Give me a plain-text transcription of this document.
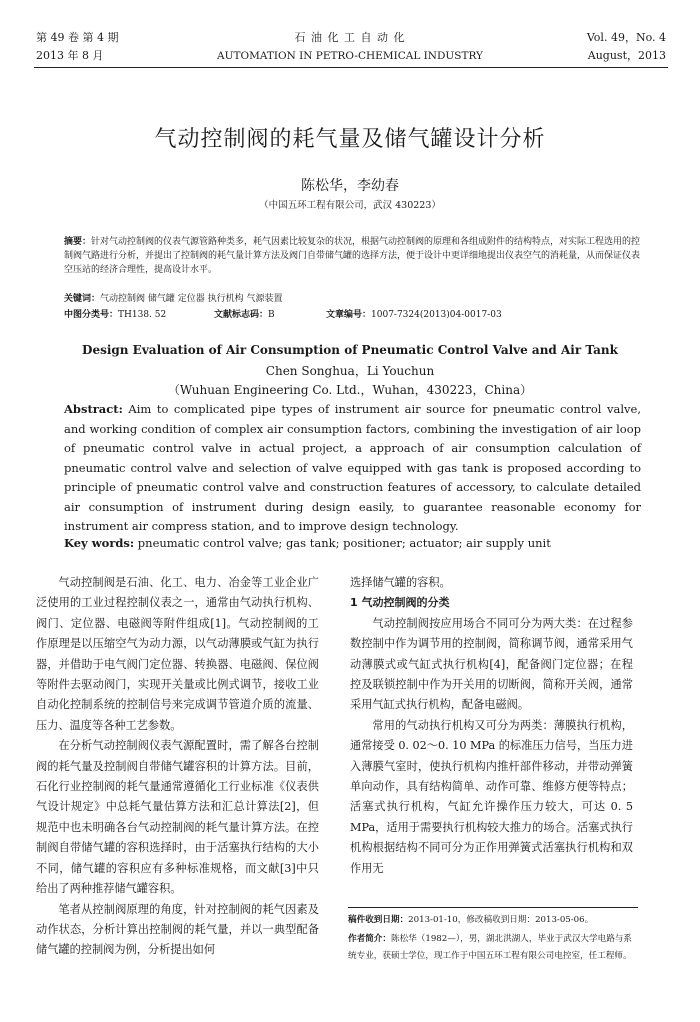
第 49 卷 第 4 期
2013 年 8 月
石 油 化 工 自 动 化
AUTOMATION IN PETRO-CHEMICAL INDUSTRY
Vol. 49，No. 4
August，2013
气动控制阀的耗气量及储气罐设计分析
陈松华，李幼春
（中国五环工程有限公司，武汉 430223）
摘要：针对气动控制阀的仪表气源管路种类多，耗气因素比较复杂的状况，根据气动控制阀的原理和各组成附件的结构特点，对实际工程选用的控制阀气路进行分析，并提出了控制阀的耗气量计算方法及阀门自带储气罐的选择方法，便于设计中更详细地提出仪表空气的消耗量，从而保证仪表空压站的经济合理性，提高设计水平。
关键词：气动控制阀 储气罐 定位器 执行机构 气源装置
中图分类号：TH138. 52	文献标志码：B	文章编号：1007-7324(2013)04-0017-03
Design Evaluation of Air Consumption of Pneumatic Control Valve and Air Tank
Chen Songhua，Li Youchun
（Wuhuan Engineering Co. Ltd.，Wuhan，430223，China）
Abstract: Aim to complicated pipe types of instrument air source for pneumatic control valve, and working condition of complex air consumption factors, combining the investigation of air loop of pneumatic control valve in actual project, a approach of air consumption calculation of pneumatic control valve and selection of valve equipped with gas tank is proposed according to principle of pneumatic control valve and construction features of accessory, to calculate detailed air consumption of instrument during design easily, to guarantee reasonable economy for instrument air compress station, and to improve design technology.
Key words: pneumatic control valve; gas tank; positioner; actuator; air supply unit

气动控制阀是石油、化工、电力、冶金等工业企业广泛使用的工业过程控制仪表之一，通常由气动执行机构、阀门、定位器、电磁阀等附件组成[1]。气动控制阀的工作原理是以压缩空气为动力源，以气动薄膜或气缸为执行器，并借助于电气阀门定位器、转换器、电磁阀、保位阀等附件去驱动阀门，实现开关量或比例式调节，接收工业自动化控制系统的控制信号来完成调节管道介质的流量、压力、温度等各种工艺参数。

在分析气动控制阀仪表气源配置时，需了解各台控制阀的耗气量及控制阀自带储气罐容积的计算方法。目前，石化行业控制阀的耗气量通常遵循化工行业标准《仪表供气设计规定》中总耗气量估算方法和汇总计算法[2]，但规范中也未明确各台气动控制阀的耗气量计算方法。在控制阀自带储气罐的容积选择时，由于活塞执行结构的大小不同，储气罐的容积应有多种标准规格，而文献[3]中只给出了两种推荐储气罐容积。

笔者从控制阀原理的角度，针对控制阀的耗气因素及动作状态，分析计算出控制阀的耗气量，并以一典型配备储气罐的控制阀为例，分析提出如何

选择储气罐的容积。

1 气动控制阀的分类

气动控制阀按应用场合不同可分为两大类：在过程参数控制中作为调节用的控制阀，简称调节阀，通常采用气动薄膜式或气缸式执行机构[4]，配备阀门定位器；在程控及联锁控制中作为开关用的切断阀，简称开关阀，通常采用气缸式执行机构，配备电磁阀。

常用的气动执行机构又可分为两类：薄膜执行机构，通常接受 0. 02～0. 10 MPa 的标准压力信号，当压力进入薄膜气室时，使执行机构内推杆部件移动，并带动弹簧单向动作，具有结构简单、动作可靠、维修方便等特点；活塞式执行机构，气缸允许操作压力较大，可达 0. 5 MPa，适用于需要执行机构较大推力的场合。活塞式执行机构根据结构不同可分为正作用弹簧式活塞执行机构和双作用无

稿件收到日期：2013-01-10，修改稿收到日期：2013-05-06。
作者简介：陈松华（1982—），男，湖北洪湖人，毕业于武汉大学电路与系统专业，获硕士学位，现工作于中国五环工程有限公司电控室，任工程师。
